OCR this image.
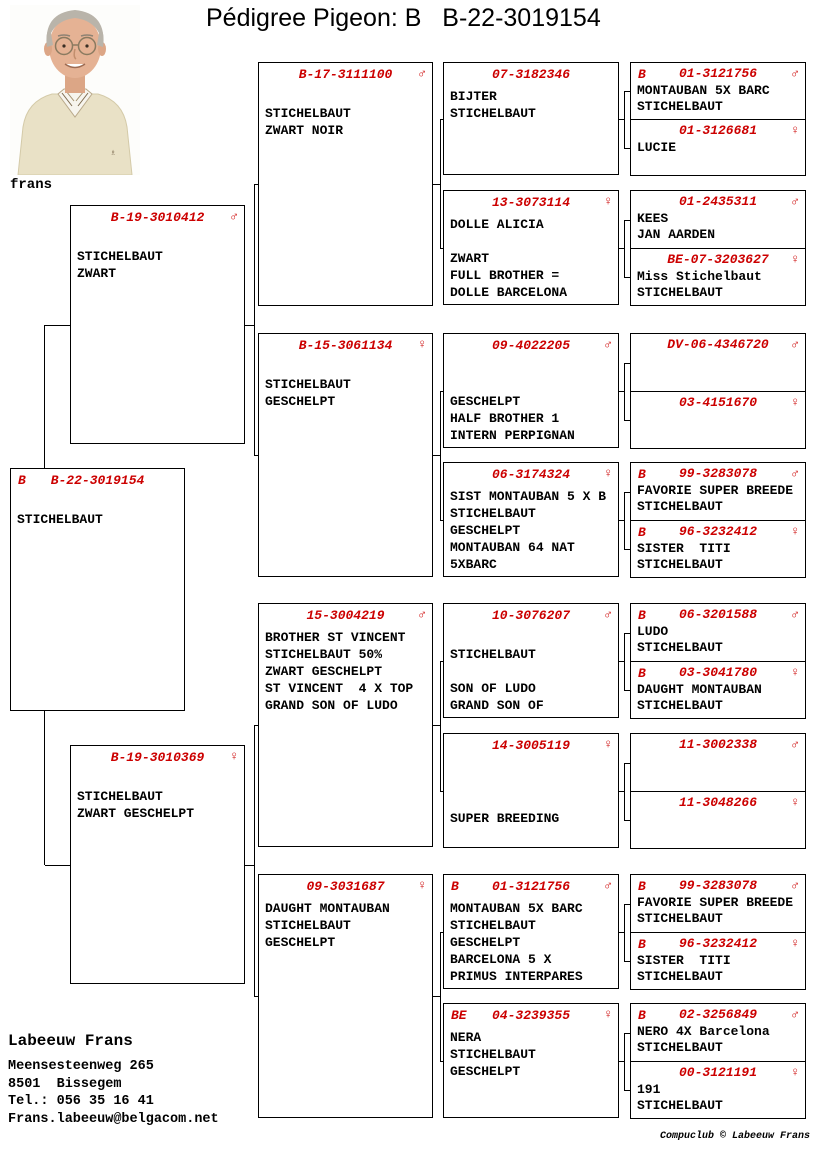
Pédigree Pigeon: B   B-22-3019154
♗
frans
B B-22-3019154
STICHELBAUT
B-19-3010412 ♂
STICHELBAUT
ZWART
B-19-3010369 ♀
STICHELBAUT
ZWART GESCHELPT
B-17-3111100 ♂
STICHELBAUT
ZWART NOIR
B-15-3061134 ♀
STICHELBAUT
GESCHELPT
15-3004219	♂
BROTHER ST VINCENT
STICHELBAUT 50%
ZWART GESCHELPT
ST VINCENT  4 X TOP
GRAND SON OF LUDO
09-3031687	♀
DAUGHT MONTAUBAN
STICHELBAUT
GESCHELPT
07-3182346
BIJTER
STICHELBAUT
13-3073114	♀
DOLLE ALICIA
ZWART
FULL BROTHER =
DOLLE BARCELONA
09-4022205	♂
GESCHELPT
HALF BROTHER 1
INTERN PERPIGNAN
06-3174324	♀
SIST MONTAUBAN 5 X B
STICHELBAUT
GESCHELPT
MONTAUBAN 64 NAT
5XBARC
10-3076207	♂
STICHELBAUT
SON OF LUDO
GRAND SON OF
14-3005119	♀
SUPER BREEDING
B	01-3121756	♂
MONTAUBAN 5X BARC
STICHELBAUT
GESCHELPT
BARCELONA 5 X
PRIMUS INTERPARES
BE 04-3239355	♀
NERA
STICHELBAUT
GESCHELPT
B	01-3121756	♂
MONTAUBAN 5X BARC
STICHELBAUT
01-3126681	♀
LUCIE
01-2435311	♂
KEES
JAN AARDEN
BE-07-3203627 ♀
Miss Stichelbaut
STICHELBAUT
DV-06-4346720 ♂
03-4151670	♀
B	99-3283078	♂
FAVORIE SUPER BREEDE
STICHELBAUT
B	96-3232412	♀
SISTER  TITI
STICHELBAUT
B	06-3201588	♂
LUDO
STICHELBAUT
B	03-3041780	♀
DAUGHT MONTAUBAN
STICHELBAUT
11-3002338	♂
11-3048266	♀
B	99-3283078	♂
FAVORIE SUPER BREEDE
STICHELBAUT
B	96-3232412	♀
SISTER  TITI
STICHELBAUT
B	02-3256849	♂
NERO 4X Barcelona
STICHELBAUT
00-3121191	♀
191
STICHELBAUT
Labeeuw Frans
Meensesteenweg 265
8501  Bissegem
Tel.: 056 35 16 41
Frans.labeeuw@belgacom.net
Compuclub © Labeeuw Frans
